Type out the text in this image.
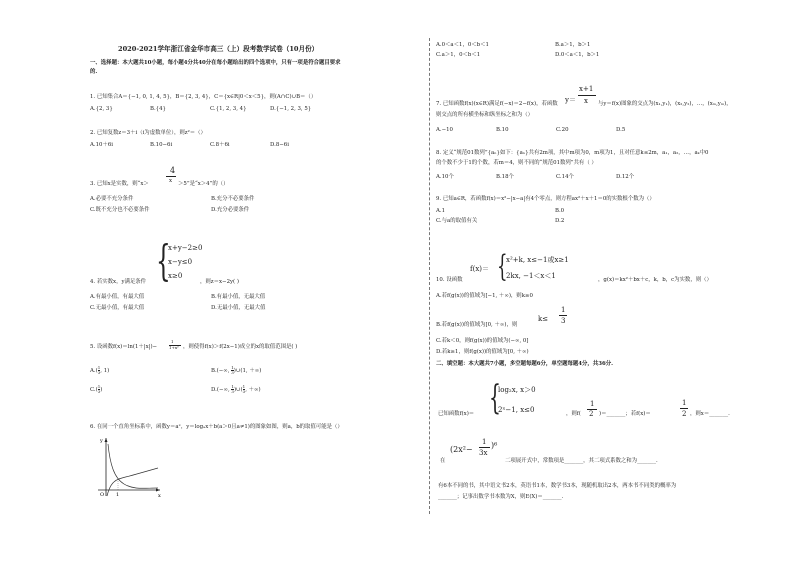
2020-2021学年浙江省金华市高三（上）段考数学试卷（10月份）
一、选择题：本大题共10小题，每小题4分共40分在每小题给出的四个选项中，只有一项是符合题目要求
的.
1. 已知集合A＝{−1, 0, 1, 4, 5}，B＝{2, 3, 4}，C＝{x∈R|0＜x＜5}，则(A∩C)∪B＝（）
A.{2, 3}	B.{4}	C.{1, 2, 3, 4}	D.{−1, 2, 3, 5}
2. 已知复数z＝3＋i（i为虚数单位），则z²＝（）
A.10＋6i	B.10−6i	C.8＋6i	D.8−6i
3. 已知x是实数，则“x＞
4
x ＞5”是“x＞4”的（）
A.必要不充分条件	B.充分不必要条件
C.既不充分也不必要条件	D.充分必要条件
{
x+y−2≥0
x−y≤0
x≥0
4. 若实数x，y满足条件	，则z＝x−2y( )
A.有最小值，有最大值	B.有最小值，无最大值
C.无最小值，有最大值	D.无最小值，无最大值
5. 设函数f(x)＝ln(1＋|x|)−
1
1+x² ，则使得f(x)＞f(2x−1)成立的x的取值范围是( )
$A.( \frac{1}{3}$ , 1)	B.(−∞, $\frac{1}{3}$ )∪(1, ＋∞)
$C.( \frac{1}{3}$ )	D.(−∞, $\frac{1}{3}$ )∪( $\frac{1}{3}$ , ＋∞)
6. 在同一个直角坐标系中，函数y＝aˣ，y＝logₐx＋b(a＞0且a≠1)的图象如图，则a，b的取值可能是（）
y
x
O 1
A.0＜a＜1，0＜b＜1	B.a＞1，b＞1
C.a＞1，0＜b＜1	D.0＜a＜1，b＞1
y＝
x+1
x
7. 已知函数f(x)(x∈R)满足f(−x)＝2−f(x)，若函数	与y＝f(x)图象的交点为(x₁,y₁)，(x₂,y₂)，…，(xₘ,yₘ)，
则交点的所有横坐标和纵坐标之和为（）
A.−10	B.10	C.20	D.5
8. 定义“规范01数列”{aₙ}如下：{aₙ}共有2m项，其中m项为0，m项为1，且对任意k≤2m，a₁，a₂，…，aₖ中0
的个数不少于1的个数，若m＝4，则不同的“规范01数列”共有（ ）
A.10个	B.18个	C.14个	D.12个
9. 已知a∈R，若函数f(x)＝x²−|x−a|有4个零点，则方程ax²＋x＋1＝0的实数根个数为（）
A.1	B.0
C.与a的取值有关	D.2
f(x)＝ {
x²+k, x≤−1或x≥1
2kx, −1＜x＜1
10. 设函数	，g(x)＝kx²＋bx＋c，k，b，c为实数，则（）
A.若f(g(x))的值域为[−1, ＋∞)，则k≥0
B.若f(g(x))的值域为[0, ＋∞)，则
k≤
1
3
C.若k＜0，则f(g(x))的值域为(−∞, 0]
D.若k≥1，则f(g(x))的值域为[0, ＋∞)
二、填空题：本大题共7小题，多空题每题6分，单空题每题4分，共36分.
{
log₂x, x＞0
2ˣ−1, x≤0
已知函数f(x)＝	，则f(
1
2 )＝_______；若f(x)＝
1
2 ，则x＝_______.
(2x²−
1
3x
)⁶
在	二项展开式中，常数项是_______，其二项式系数之和为_______.
有6本不同的书，其中语文书2本，英语书1本，数学书3本，现随机取出2本，两本书不同类的概率为
_______；记事出数学书本数为X，则E(X)＝_______.
